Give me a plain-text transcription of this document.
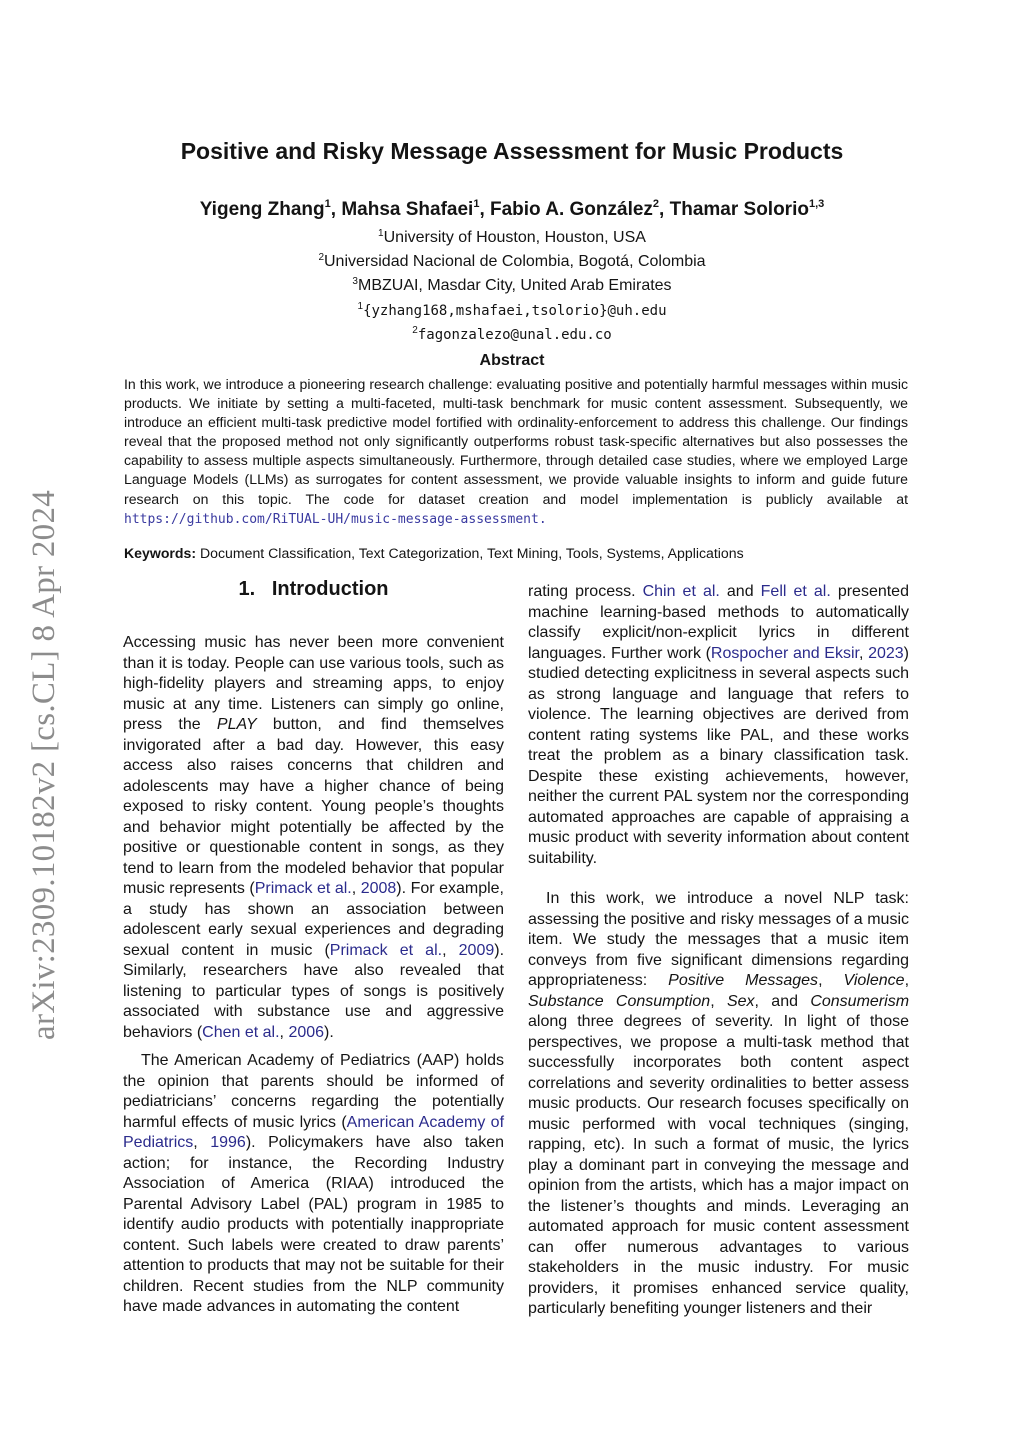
arXiv:2309.10182v2 [cs.CL] 8 Apr 2024
Positive and Risky Message Assessment for Music Products
Yigeng Zhang$^1$, Mahsa Shafaei$^1$, Fabio A. González$^2$, Thamar Solorio$^{1,3}$
$^1$University of Houston, Houston, USA
$^2$Universidad Nacional de Colombia, Bogotá, Colombia
$^3$MBZUAI, Masdar City, United Arab Emirates
$^1${yzhang168,mshafaei,tsolorio}@uh.edu
$^2$fagonzalezo@unal.edu.co
Abstract
In this work, we introduce a pioneering research challenge: evaluating positive and potentially harmful messages within music products. We initiate by setting a multi-faceted, multi-task benchmark for music content assessment. Subsequently, we introduce an efficient multi-task predictive model fortified with ordinality-enforcement to address this challenge. Our findings reveal that the proposed method not only significantly outperforms robust task-specific alternatives but also possesses the capability to assess multiple aspects simultaneously. Furthermore, through detailed case studies, where we employed Large Language Models (LLMs) as surrogates for content assessment, we provide valuable insights to inform and guide future research on this topic. The code for dataset creation and model implementation is publicly available at https://github.com/RiTUAL-UH/music-message-assessment.
Keywords: Document Classification, Text Categorization, Text Mining, Tools, Systems, Applications
1. Introduction

Accessing music has never been more convenient than it is today. People can use various tools, such as high-fidelity players and streaming apps, to enjoy music at any time. Listeners can simply go online, press the PLAY button, and find themselves invigorated after a bad day. However, this easy access also raises concerns that children and adolescents may have a higher chance of being exposed to risky content. Young people’s thoughts and behavior might potentially be affected by the positive or questionable content in songs, as they tend to learn from the modeled behavior that popular music represents (Primack et al., 2008). For example, a study has shown an association between adolescent early sexual experiences and degrading sexual content in music (Primack et al., 2009). Similarly, researchers have also revealed that listening to particular types of songs is positively associated with substance use and aggressive behaviors (Chen et al., 2006).

The American Academy of Pediatrics (AAP) holds the opinion that parents should be informed of pediatricians’ concerns regarding the potentially harmful effects of music lyrics (American Academy of Pediatrics, 1996). Policymakers have also taken action; for instance, the Recording Industry Association of America (RIAA) introduced the Parental Advisory Label (PAL) program in 1985 to identify audio products with potentially inappropriate content. Such labels were created to draw parents’ attention to products that may not be suitable for their children. Recent studies from the NLP community have made advances in automating the content

rating process. Chin et al. and Fell et al. presented machine learning-based methods to automatically classify explicit/non-explicit lyrics in different languages. Further work (Rospocher and Eksir, 2023) studied detecting explicitness in several aspects such as strong language and language that refers to violence. The learning objectives are derived from content rating systems like PAL, and these works treat the problem as a binary classification task. Despite these existing achievements, however, neither the current PAL system nor the corresponding automated approaches are capable of appraising a music product with severity information about content suitability.

In this work, we introduce a novel NLP task: assessing the positive and risky messages of a music item. We study the messages that a music item conveys from five significant dimensions regarding appropriateness: Positive Messages, Violence, Substance Consumption, Sex, and Consumerism along three degrees of severity. In light of those perspectives, we propose a multi-task method that successfully incorporates both content aspect correlations and severity ordinalities to better assess music products. Our research focuses specifically on music performed with vocal techniques (singing, rapping, etc). In such a format of music, the lyrics play a dominant part in conveying the message and opinion from the artists, which has a major impact on the listener’s thoughts and minds. Leveraging an automated approach for music content assessment can offer numerous advantages to various stakeholders in the music industry. For music providers, it promises enhanced service quality, particularly benefiting younger listeners and their
